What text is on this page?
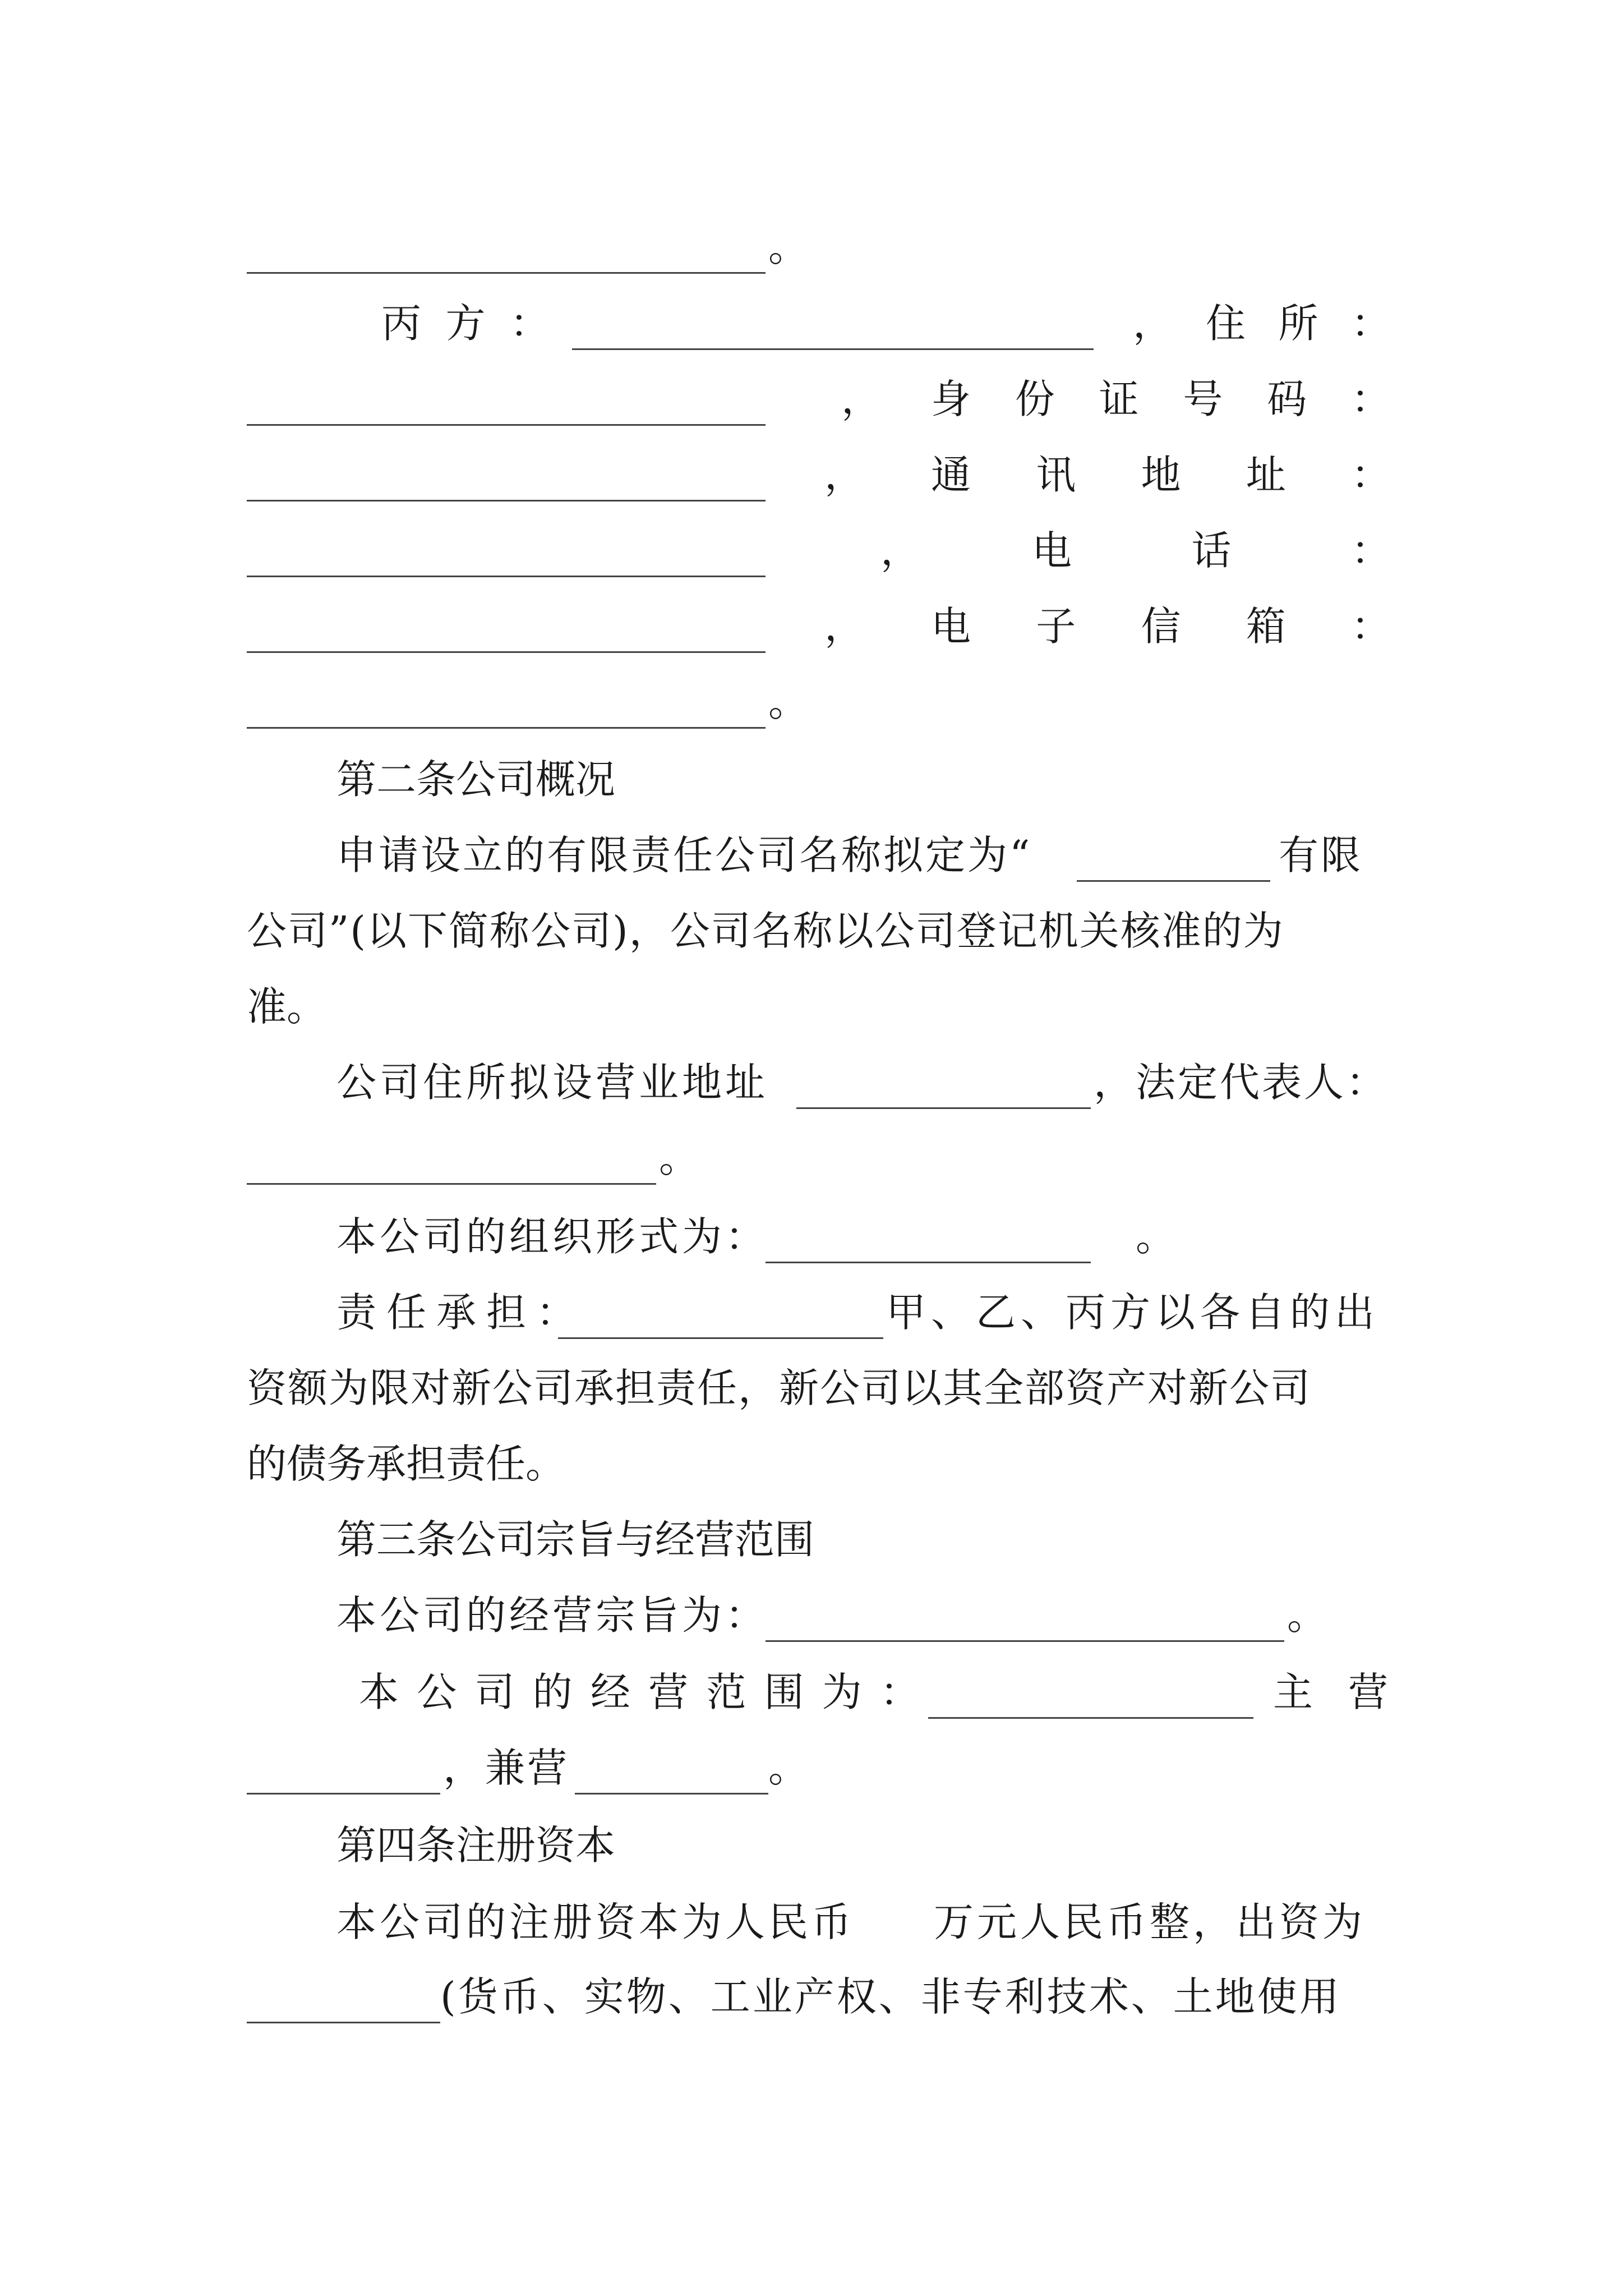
。
丙 方 ：	， 住 所 ：
， 身 份 证 号 码 ：
， 通 讯 地 址 ：
，	电	话	：
， 电 子 信 箱 ：
。
第二条公司概况
申请设立的有限责任公司名称拟定为“	有限
公司”(以下简称公司)，公司名称以公司登记机关核准的为
准。
公司住所拟设营业地址	，法定代表人：
。
本公司的组织形式为：	。
责任承担：	甲、乙、丙方以各自的出
资额为限对新公司承担责任，新公司以其全部资产对新公司
的债务承担责任。
第三条公司宗旨与经营范围
本公司的经营宗旨为：	。
本 公 司 的 经 营 范 围 为 ：	主 营
，兼营	。
第四条注册资本
本公司的注册资本为人民币 万元人民币整，出资为
(货币、实物、工业产权、非专利技术、土地使用
